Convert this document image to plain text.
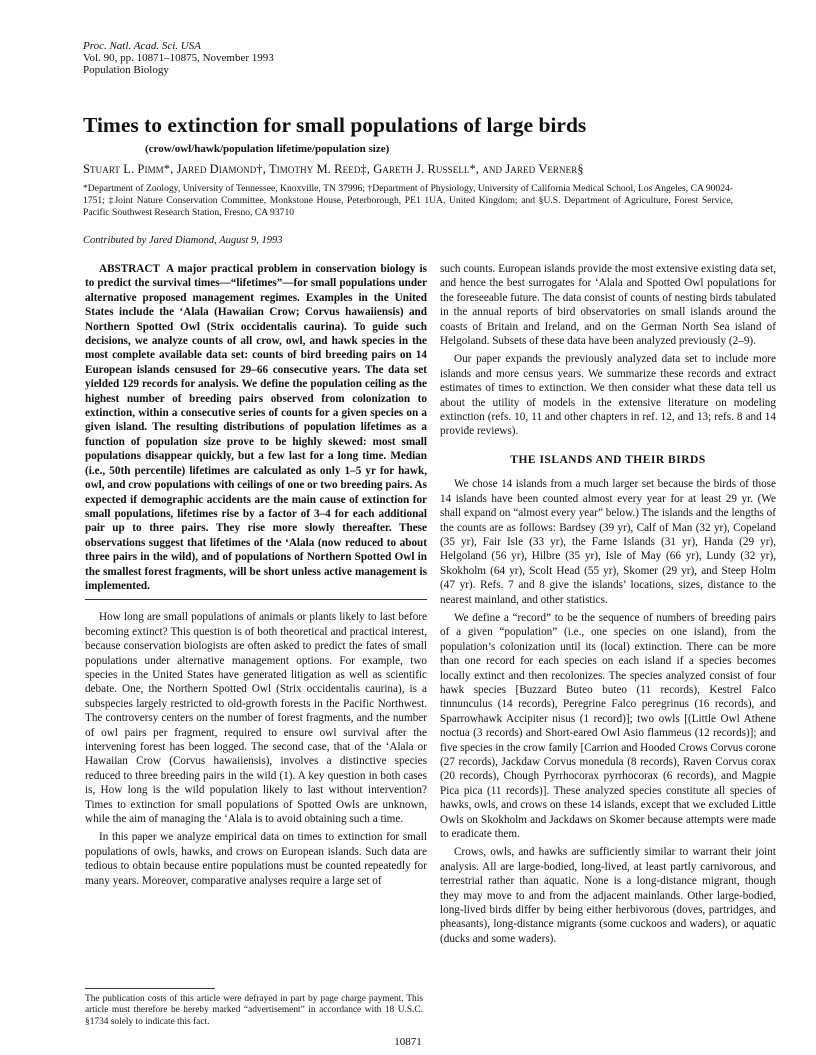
Proc. Natl. Acad. Sci. USA
Vol. 90, pp. 10871–10875, November 1993
Population Biology
Times to extinction for small populations of large birds
(crow/owl/hawk/population lifetime/population size)
Stuart L. Pimm*, Jared Diamond†, Timothy M. Reed‡, Gareth J. Russell*, and Jared Verner§

*Department of Zoology, University of Tennessee, Knoxville, TN 37996; †Department of Physiology, University of California Medical School, Los Angeles, CA 90024-1751; ‡Joint Nature Conservation Committee, Monkstone House, Peterborough, PE1 1UA, United Kingdom; and §U.S. Department of Agriculture, Forest Service, Pacific Southwest Research Station, Fresno, CA 93710

Contributed by Jared Diamond, August 9, 1993

ABSTRACT A major practical problem in conservation biology is to predict the survival times—“lifetimes”—for small populations under alternative proposed management regimes. Examples in the United States include the ʻAlala (Hawaiian Crow; Corvus hawaiiensis) and Northern Spotted Owl (Strix occidentalis caurina). To guide such decisions, we analyze counts of all crow, owl, and hawk species in the most complete available data set: counts of bird breeding pairs on 14 European islands censused for 29–66 consecutive years. The data set yielded 129 records for analysis. We define the population ceiling as the highest number of breeding pairs observed from colonization to extinction, within a consecutive series of counts for a given species on a given island. The resulting distributions of population lifetimes as a function of population size prove to be highly skewed: most small populations disappear quickly, but a few last for a long time. Median (i.e., 50th percentile) lifetimes are calculated as only 1–5 yr for hawk, owl, and crow populations with ceilings of one or two breeding pairs. As expected if demographic accidents are the main cause of extinction for small populations, lifetimes rise by a factor of 3–4 for each additional pair up to three pairs. They rise more slowly thereafter. These observations suggest that lifetimes of the ʻAlala (now reduced to about three pairs in the wild), and of populations of Northern Spotted Owl in the smallest forest fragments, will be short unless active management is implemented.

How long are small populations of animals or plants likely to last before becoming extinct? This question is of both theoretical and practical interest, because conservation biologists are often asked to predict the fates of small populations under alternative management options. For example, two species in the United States have generated litigation as well as scientific debate. One, the Northern Spotted Owl (Strix occidentalis caurina), is a subspecies largely restricted to old-growth forests in the Pacific Northwest. The controversy centers on the number of forest fragments, and the number of owl pairs per fragment, required to ensure owl survival after the intervening forest has been logged. The second case, that of the ʻAlala or Hawaiian Crow (Corvus hawaiiensis), involves a distinctive species reduced to three breeding pairs in the wild (1). A key question in both cases is, How long is the wild population likely to last without intervention? Times to extinction for small populations of Spotted Owls are unknown, while the aim of managing the ʻAlala is to avoid obtaining such a time.

In this paper we analyze empirical data on times to extinction for small populations of owls, hawks, and crows on European islands. Such data are tedious to obtain because entire populations must be counted repeatedly for many years. Moreover, comparative analyses require a large set of

such counts. European islands provide the most extensive existing data set, and hence the best surrogates for ʻAlala and Spotted Owl populations for the foreseeable future. The data consist of counts of nesting birds tabulated in the annual reports of bird observatories on small islands around the coasts of Britain and Ireland, and on the German North Sea island of Helgoland. Subsets of these data have been analyzed previously (2–9).

Our paper expands the previously analyzed data set to include more islands and more census years. We summarize these records and extract estimates of times to extinction. We then consider what these data tell us about the utility of models in the extensive literature on modeling extinction (refs. 10, 11 and other chapters in ref. 12, and 13; refs. 8 and 14 provide reviews).

THE ISLANDS AND THEIR BIRDS

We chose 14 islands from a much larger set because the birds of those 14 islands have been counted almost every year for at least 29 yr. (We shall expand on “almost every year” below.) The islands and the lengths of the counts are as follows: Bardsey (39 yr), Calf of Man (32 yr), Copeland (35 yr), Fair Isle (33 yr), the Farne Islands (31 yr), Handa (29 yr), Helgoland (56 yr), Hilbre (35 yr), Isle of May (66 yr), Lundy (32 yr), Skokholm (64 yr), Scolt Head (55 yr), Skomer (29 yr), and Steep Holm (47 yr). Refs. 7 and 8 give the islands’ locations, sizes, distance to the nearest mainland, and other statistics.

We define a “record” to be the sequence of numbers of breeding pairs of a given “population” (i.e., one species on one island), from the population’s colonization until its (local) extinction. There can be more than one record for each species on each island if a species becomes locally extinct and then recolonizes. The species analyzed consist of four hawk species [Buzzard Buteo buteo (11 records), Kestrel Falco tinnunculus (14 records), Peregrine Falco peregrinus (16 records), and Sparrowhawk Accipiter nisus (1 record)]; two owls [(Little Owl Athene noctua (3 records) and Short-eared Owl Asio flammeus (12 records)]; and five species in the crow family [Carrion and Hooded Crows Corvus corone (27 records), Jackdaw Corvus monedula (8 records), Raven Corvus corax (20 records), Chough Pyrrhocorax pyrrhocorax (6 records), and Magpie Pica pica (11 records)]. These analyzed species constitute all species of hawks, owls, and crows on these 14 islands, except that we excluded Little Owls on Skokholm and Jackdaws on Skomer because attempts were made to eradicate them.

Crows, owls, and hawks are sufficiently similar to warrant their joint analysis. All are large-bodied, long-lived, at least partly carnivorous, and terrestrial rather than aquatic. None is a long-distance migrant, though they may move to and from the adjacent mainlands. Other large-bodied, long-lived birds differ by being either herbivorous (doves, partridges, and pheasants), long-distance migrants (some cuckoos and waders), or aquatic (ducks and some waders).

The publication costs of this article were defrayed in part by page charge payment. This article must therefore be hereby marked “advertisement” in accordance with 18 U.S.C. §1734 solely to indicate this fact.

10871
